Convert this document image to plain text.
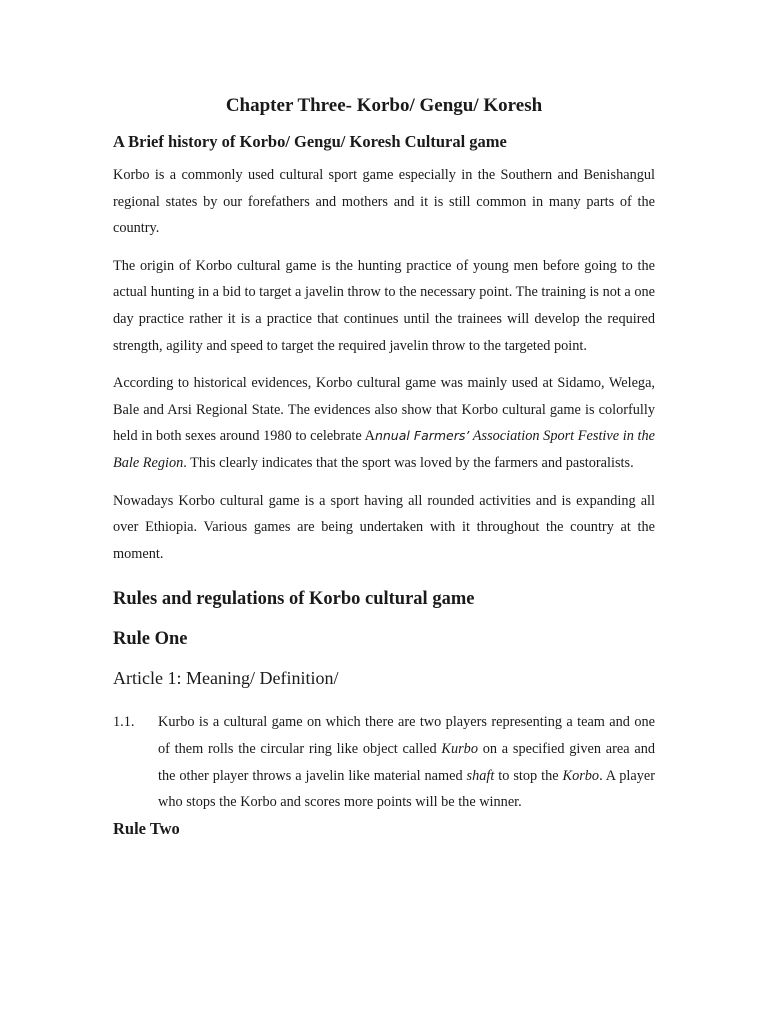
Chapter Three- Korbo/ Gengu/ Koresh
A Brief history of Korbo/ Gengu/ Koresh Cultural game

Korbo is a commonly used cultural sport game especially in the Southern and Benishangul regional states by our forefathers and mothers and it is still common in many parts of the country.

The origin of Korbo cultural game is the hunting practice of young men before going to the actual hunting in a bid to target a javelin throw to the necessary point. The training is not a one day practice rather it is a practice that continues until the trainees will develop the required strength, agility and speed to target the required javelin throw to the targeted point.

According to historical evidences, Korbo cultural game was mainly used at Sidamo, Welega, Bale and Arsi Regional State. The evidences also show that Korbo cultural game is colorfully held in both sexes around 1980 to celebrate Annual Farmers’ Association Sport Festive in the Bale Region. This clearly indicates that the sport was loved by the farmers and pastoralists.

Nowadays Korbo cultural game is a sport having all rounded activities and is expanding all over Ethiopia. Various games are being undertaken with it throughout the country at the moment.

Rules and regulations of Korbo cultural game
Rule One
Article 1: Meaning/ Definition/
1.1.	Kurbo is a cultural game on which there are two players representing a team and one of them rolls the circular ring like object called Kurbo on a specified given area and the other player throws a javelin like material named shaft to stop the Korbo. A player who stops the Korbo and scores more points will be the winner.
Rule Two
